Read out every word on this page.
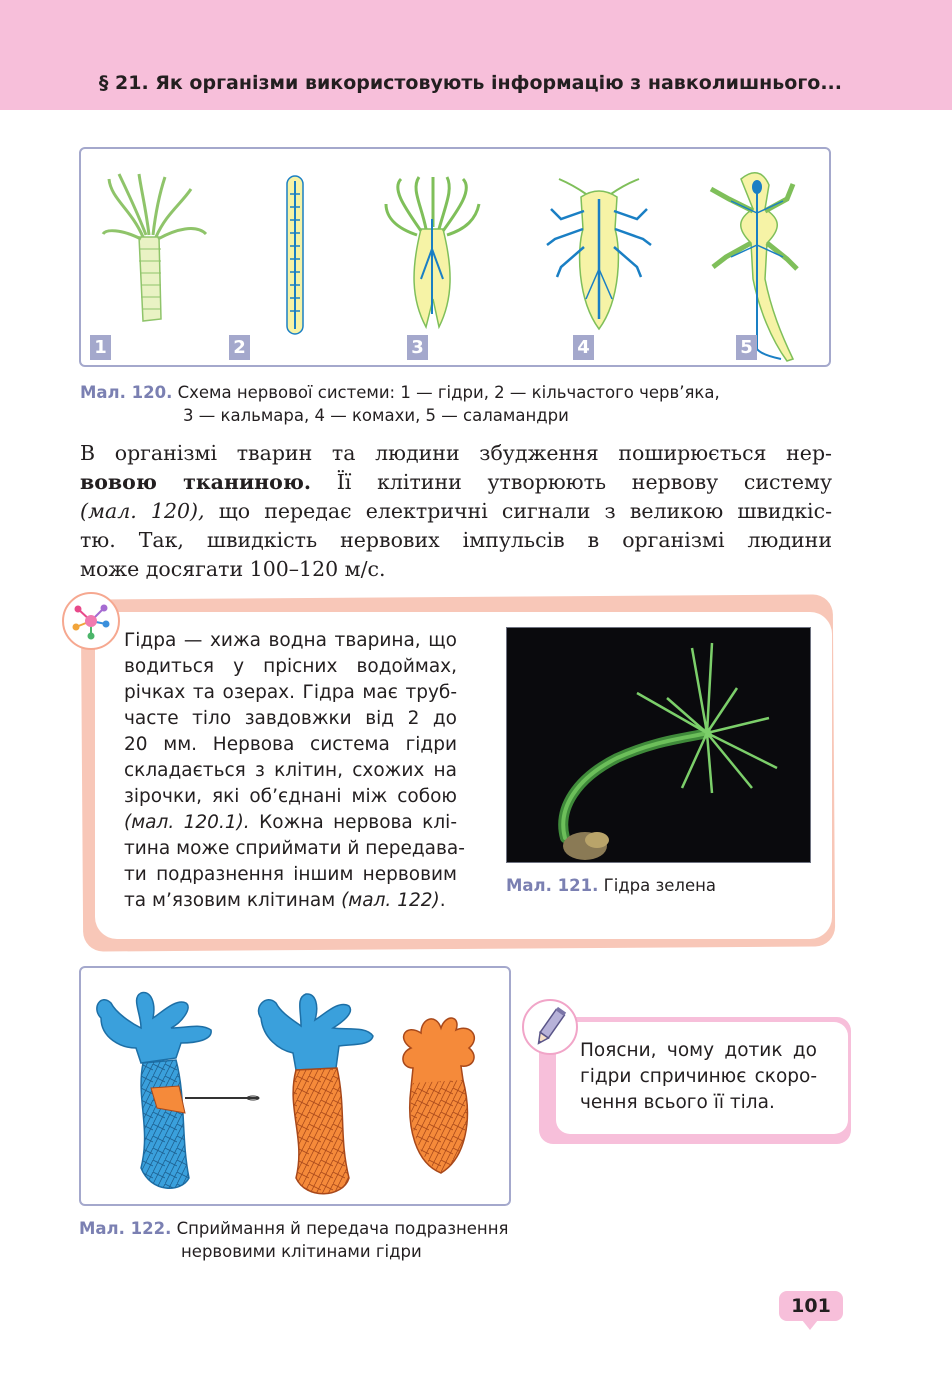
§ 21. Як організми використовують інформацію з навколишнього...
1	2	3	4	5
Мал. 120. Схема нервової системи: 1 — гідри, 2 — кільчастого черв’яка,
3 — кальмара, 4 — комахи, 5 — саламандри
В організмі тварин та людини збудження поширюється нер-
вовою тканиною. Її клітини утворюють нервову систему
(мал. 120), що передає електричні сигнали з великою швидкіс-
тю. Так, швидкість нервових імпульсів в організмі людини
може досягати 100–120 м/с.
Гідра — хижа водна тварина, що
водиться у прісних водоймах,
річках та озерах. Гідра має труб-
часте тіло завдовжки від 2 до
20 мм. Нервова система гідри
складається з клітин, схожих на
зірочки, які об’єднані між собою
(мал. 120.1). Кожна нервова клі-
тина може сприймати й передава-
ти подразнення іншим нервовим
та м’язовим клітинам (мал. 122).
Мал. 121. Гідра зелена
Мал. 122. Сприймання й передача подразнення
нервовими клітинами гідри
Поясни, чому дотик до
гідри спричинює скоро-
чення всього її тіла.
101
